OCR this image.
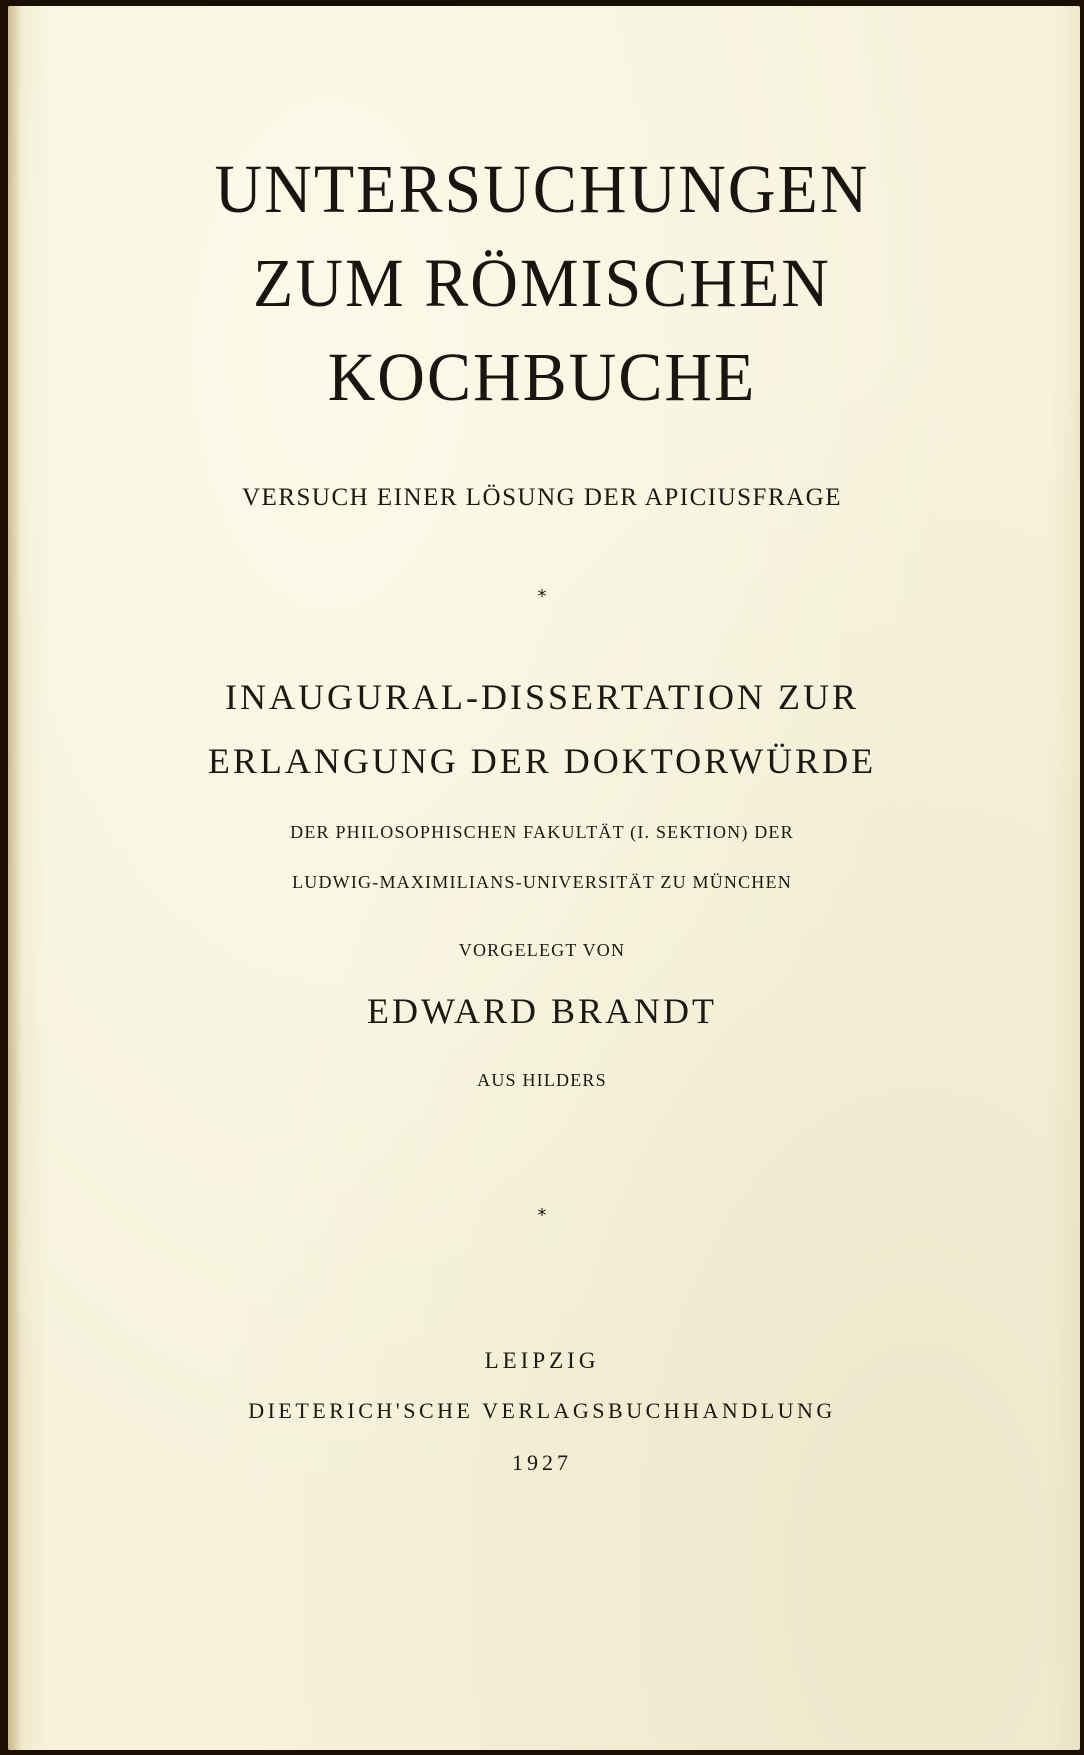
UNTERSUCHUNGEN
ZUM RÖMISCHEN
KOCHBUCHE
VERSUCH EINER LÖSUNG DER APICIUSFRAGE
*
INAUGURAL-DISSERTATION ZUR
ERLANGUNG DER DOKTORWÜRDE
DER PHILOSOPHISCHEN FAKULTÄT (I. SEKTION) DER
LUDWIG-MAXIMILIANS-UNIVERSITÄT ZU MÜNCHEN
VORGELEGT VON
EDWARD BRANDT
AUS HILDERS
*
LEIPZIG
DIETERICH'SCHE VERLAGSBUCHHANDLUNG
1927
